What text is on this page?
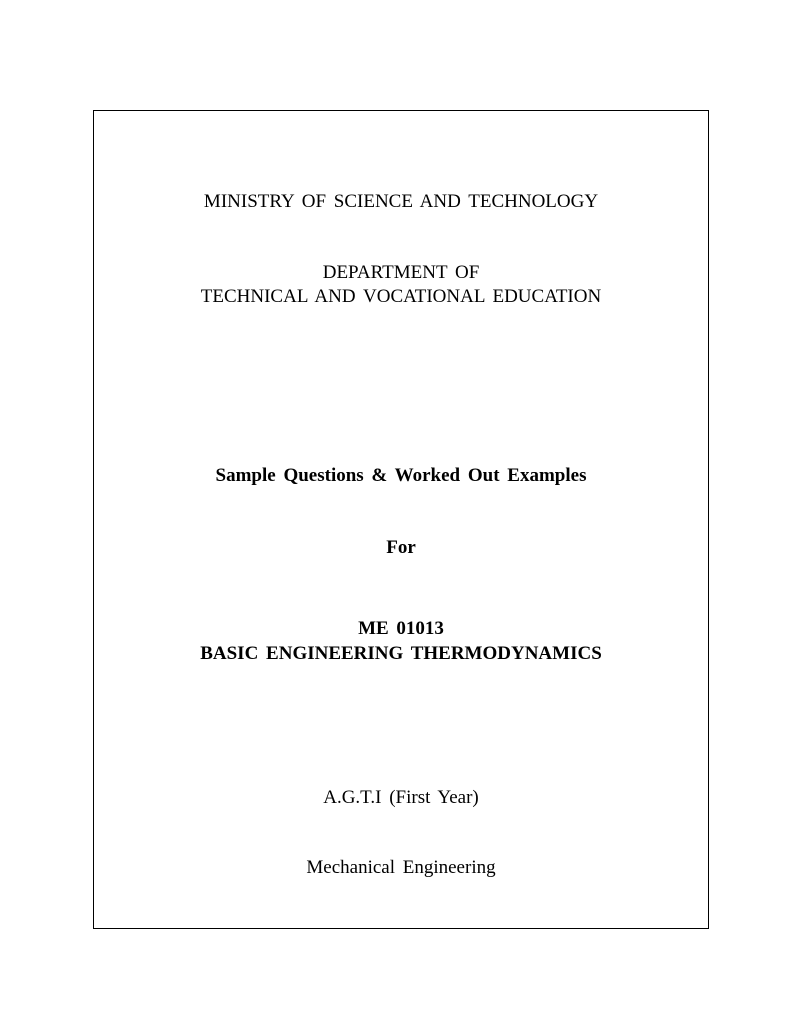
MINISTRY OF SCIENCE AND TECHNOLOGY
DEPARTMENT OF
TECHNICAL AND VOCATIONAL EDUCATION
Sample Questions & Worked Out Examples
For
ME 01013
BASIC ENGINEERING THERMODYNAMICS
A.G.T.I (First Year)
Mechanical Engineering
